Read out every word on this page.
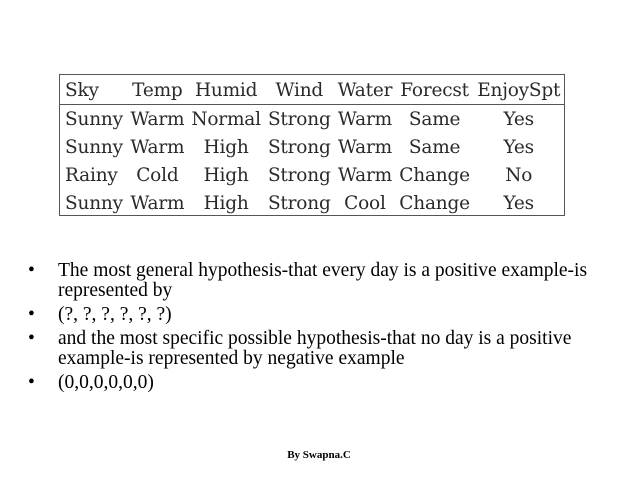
Sky	Temp	Humid	Wind	Water	Forecst	EnjoySpt
Sunny	Warm	Normal	Strong	Warm	Same	Yes
Sunny	Warm	High	Strong	Warm	Same	Yes
Rainy	Cold	High	Strong	Warm	Change	No
Sunny	Warm	High	Strong	Cool	Change	Yes
• The most general hypothesis-that every day is a positive example-is represented by
• (?, ?, ?, ?, ?, ?)
• and the most specific possible hypothesis-that no day is a positive example-is represented by negative example
• (0,0,0,0,0,0)
By Swapna.C
